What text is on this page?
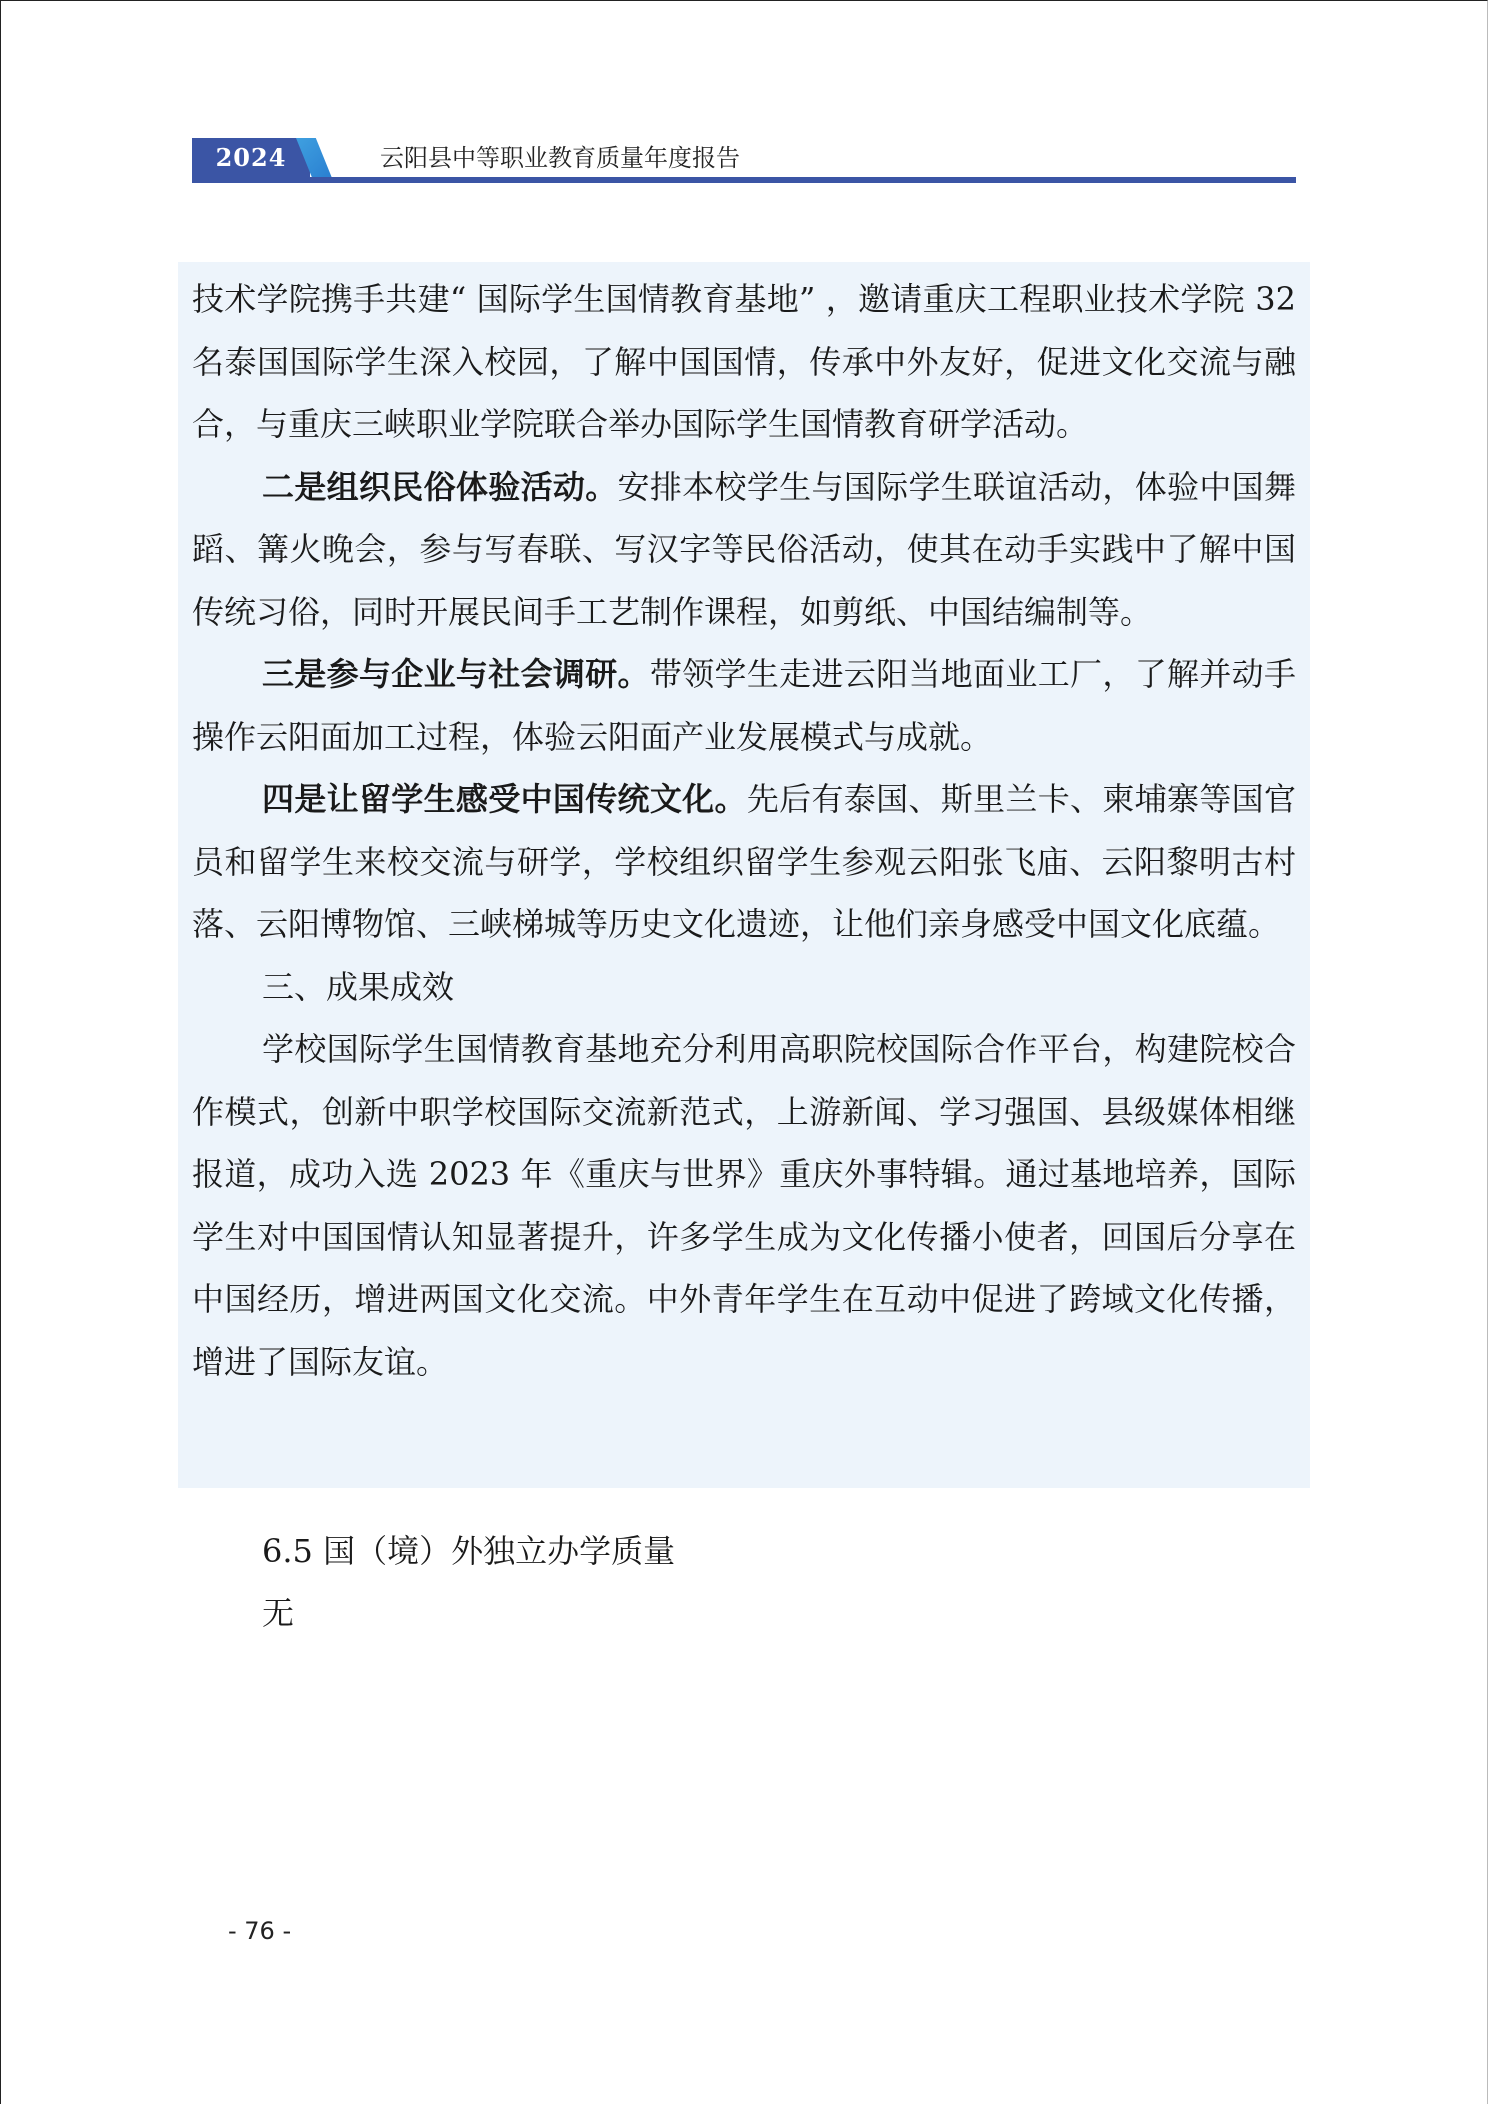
2024	云阳县中等职业教育质量年度报告

技术学院携手共建“ 国际学生国情教育基地” ，邀请重庆工程职业技术学院 32 名泰国国际学生深入校园，了解中国国情，传承中外友好，促进文化交流与融合，与重庆三峡职业学院联合举办国际学生国情教育研学活动。

二是组织民俗体验活动。安排本校学生与国际学生联谊活动，体验中国舞蹈、篝火晚会，参与写春联、写汉字等民俗活动，使其在动手实践中了解中国传统习俗，同时开展民间手工艺制作课程，如剪纸、中国结编制等。

三是参与企业与社会调研。带领学生走进云阳当地面业工厂，了解并动手操作云阳面加工过程，体验云阳面产业发展模式与成就。

四是让留学生感受中国传统文化。先后有泰国、斯里兰卡、柬埔寨等国官员和留学生来校交流与研学，学校组织留学生参观云阳张飞庙、云阳黎明古村落、云阳博物馆、三峡梯城等历史文化遗迹，让他们亲身感受中国文化底蕴。

三、成果成效

学校国际学生国情教育基地充分利用高职院校国际合作平台，构建院校合作模式，创新中职学校国际交流新范式，上游新闻、学习强国、县级媒体相继报道，成功入选 2023 年《重庆与世界》重庆外事特辑。通过基地培养，国际学生对中国国情认知显著提升，许多学生成为文化传播小使者，回国后分享在中国经历，增进两国文化交流。中外青年学生在互动中促进了跨域文化传播，增进了国际友谊。

6.5 国（境）外独立办学质量
无
- 76 -
